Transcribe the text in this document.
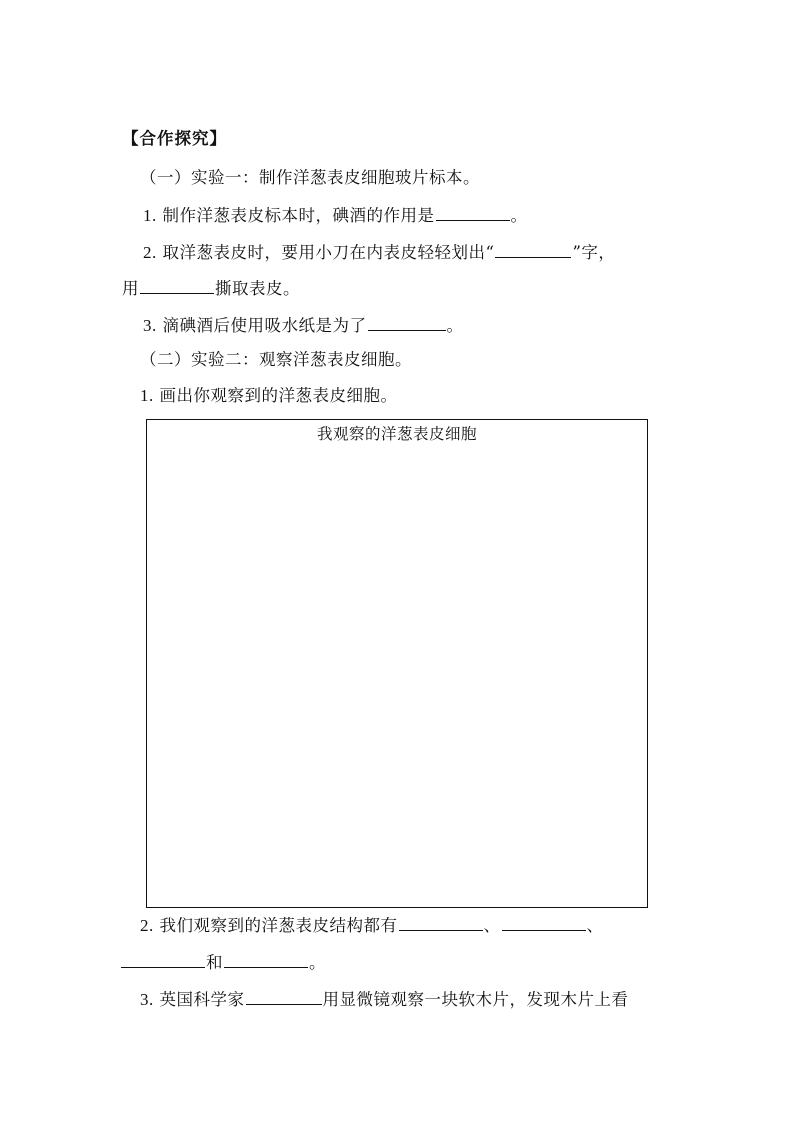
【合作探究】
（一）实验一：制作洋葱表皮细胞玻片标本。
1. 制作洋葱表皮标本时，碘酒的作用是	。
2. 取洋葱表皮时，要用小刀在内表皮轻轻划出“	”字，
用	撕取表皮。
3. 滴碘酒后使用吸水纸是为了	。
（二）实验二：观察洋葱表皮细胞。
1. 画出你观察到的洋葱表皮细胞。
我观察的洋葱表皮细胞
2. 我们观察到的洋葱表皮结构都有	、	、
和	。
3. 英国科学家	用显微镜观察一块软木片，发现木片上看
